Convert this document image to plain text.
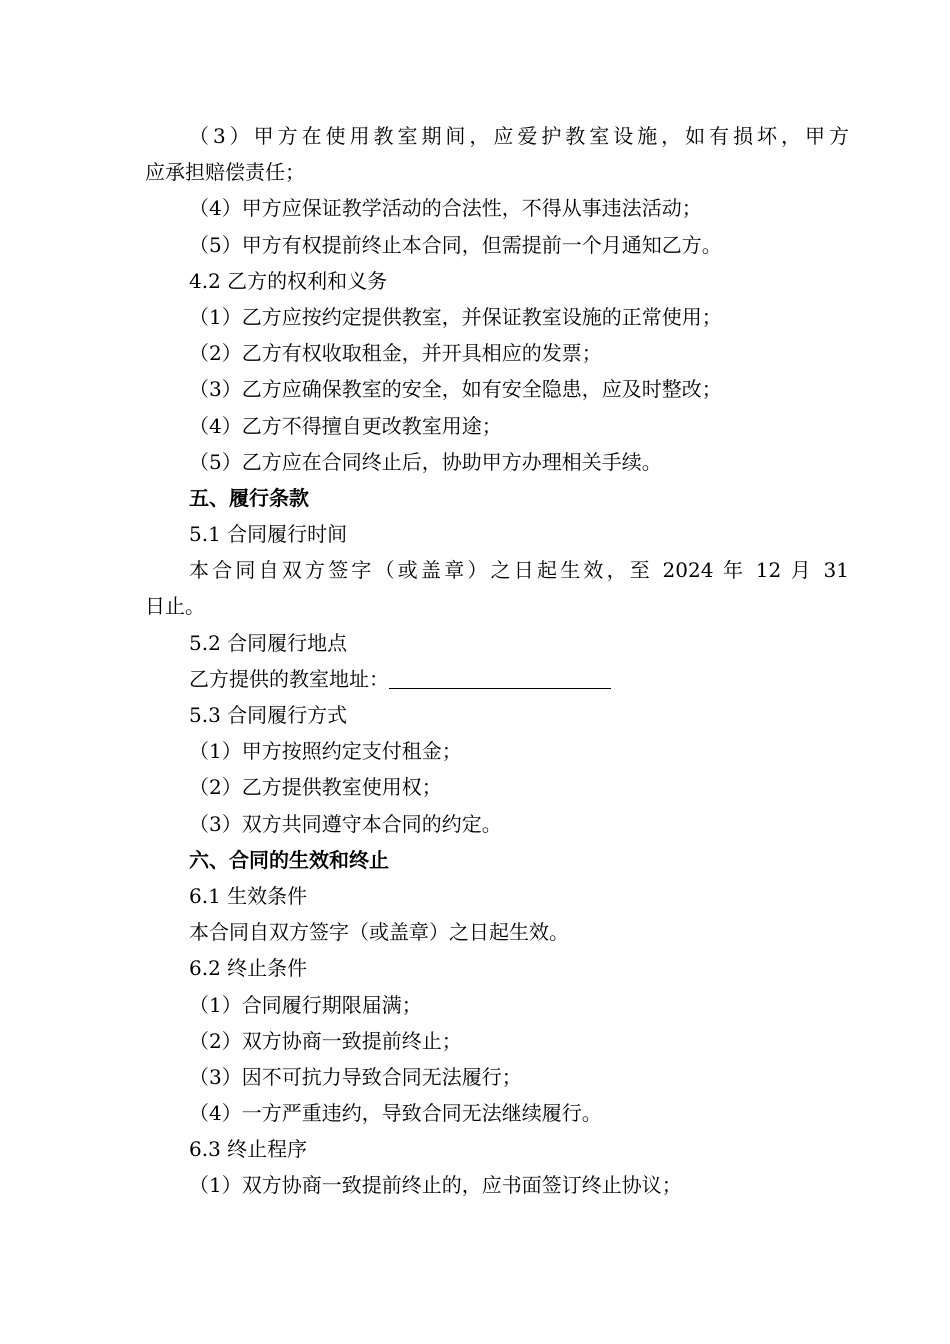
（3）甲方在使用教室期间，应爱护教室设施，如有损坏，甲方
应承担赔偿责任；
（4）甲方应保证教学活动的合法性，不得从事违法活动；
（5）甲方有权提前终止本合同，但需提前一个月通知乙方。
4.2 乙方的权利和义务
（1）乙方应按约定提供教室，并保证教室设施的正常使用；
（2）乙方有权收取租金，并开具相应的发票；
（3）乙方应确保教室的安全，如有安全隐患，应及时整改；
（4）乙方不得擅自更改教室用途；
（5）乙方应在合同终止后，协助甲方办理相关手续。
五、履行条款
5.1 合同履行时间
本合同自双方签字（或盖章）之日起生效，至 2024 年 12 月 31
日止。
5.2 合同履行地点
乙方提供的教室地址：
5.3 合同履行方式
（1）甲方按照约定支付租金；
（2）乙方提供教室使用权；
（3）双方共同遵守本合同的约定。
六、合同的生效和终止
6.1 生效条件
本合同自双方签字（或盖章）之日起生效。
6.2 终止条件
（1）合同履行期限届满；
（2）双方协商一致提前终止；
（3）因不可抗力导致合同无法履行；
（4）一方严重违约，导致合同无法继续履行。
6.3 终止程序
（1）双方协商一致提前终止的，应书面签订终止协议；
